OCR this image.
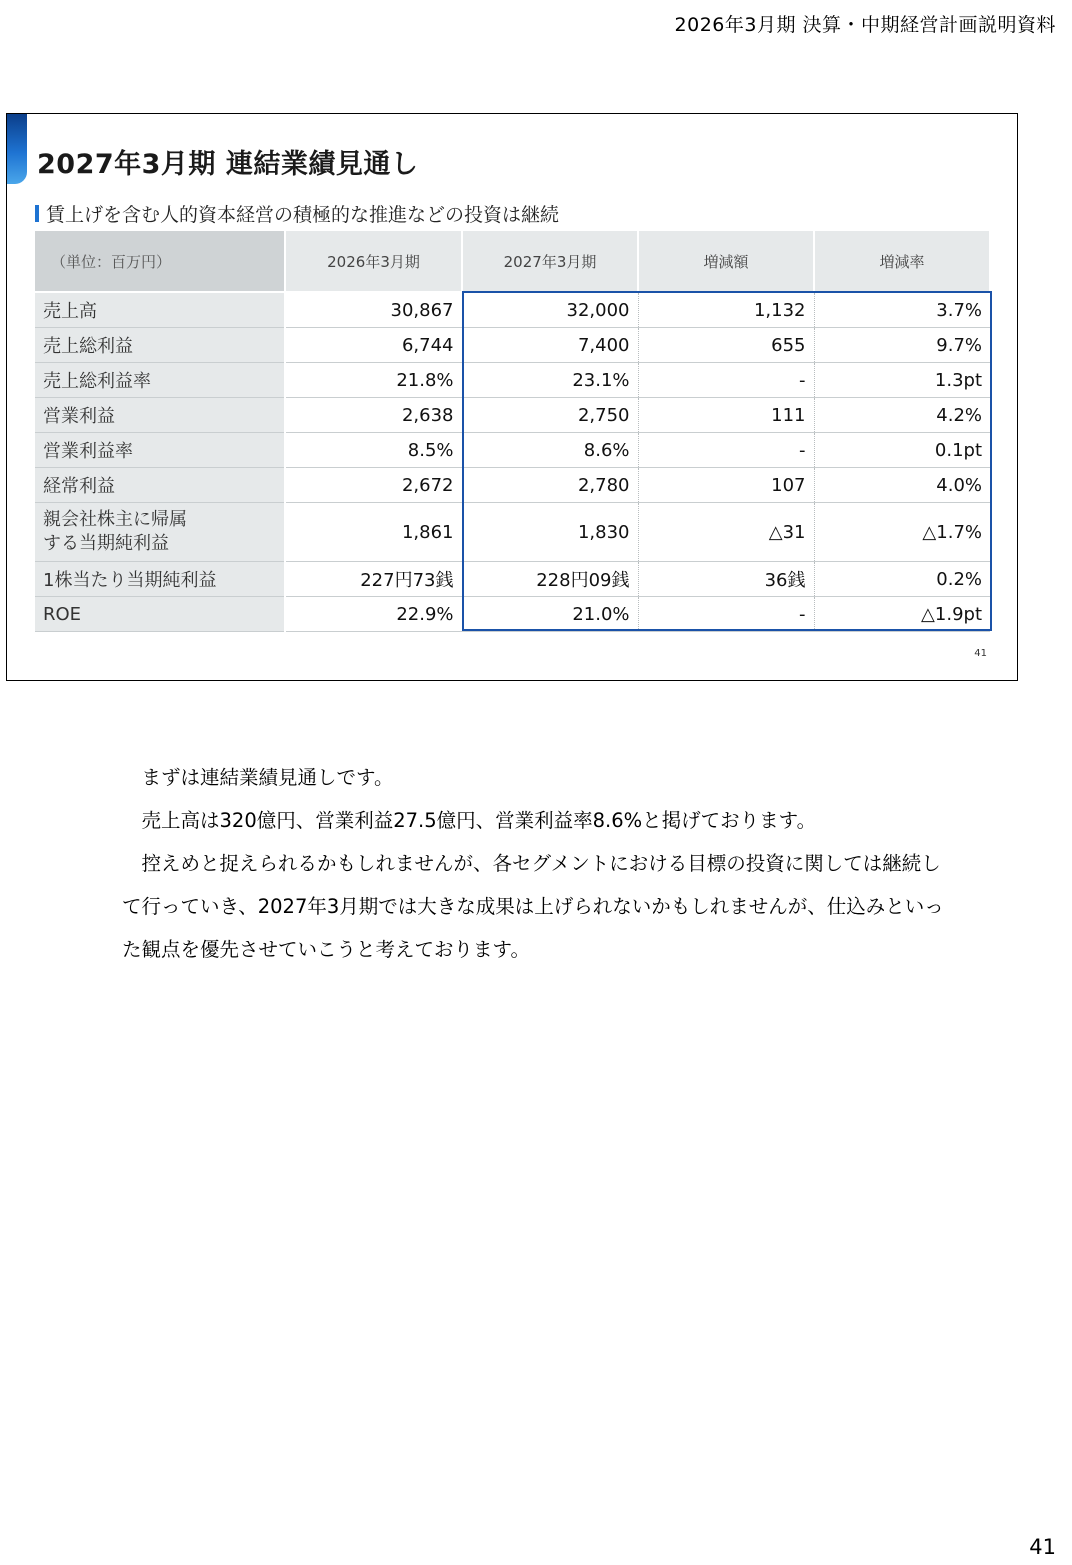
2026年3月期 決算・中期経営計画説明資料
2027年3月期 連結業績見通し
賃上げを含む人的資本経営の積極的な推進などの投資は継続
（単位：百万円）	2026年3月期	2027年3月期	増減額	増減率
売上高	30,867	32,000	1,132	3.7%
売上総利益	6,744	7,400	655	9.7%
売上総利益率	21.8%	23.1%	-	1.3pt
営業利益	2,638	2,750	111	4.2%
営業利益率	8.5%	8.6%	-	0.1pt
経常利益	2,672	2,780	107	4.0%
親会社株主に帰属
する当期純利益	1,861	1,830	△31	△1.7%
1株当たり当期純利益	227円73銭	228円09銭	36銭	0.2%
ROE	22.9%	21.0%	-	△1.9pt
41

　まずは連結業績見通しです。

　売上高は320億円、営業利益27.5億円、営業利益率8.6%と掲げております。

　控えめと捉えられるかもしれませんが、各セグメントにおける目標の投資に関しては継続して行っていき、2027年3月期では大きな成果は上げられないかもしれませんが、仕込みといった観点を優先させていこうと考えております。

41
